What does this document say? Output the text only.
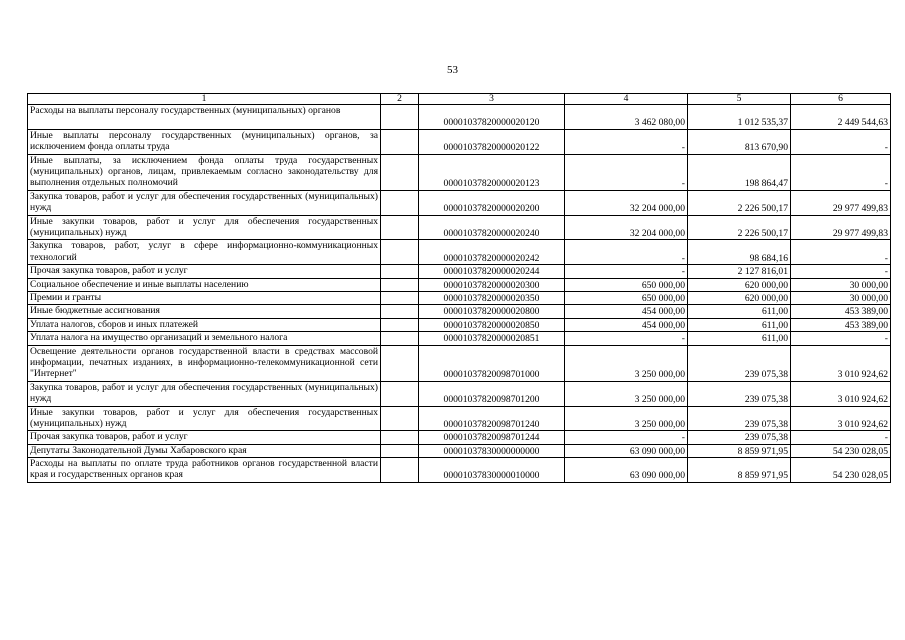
53
1	2	3	4	5	6
Расходы на выплаты персоналу государственных (муниципальных) органов		00001037820000020120	3 462 080,00	1 012 535,37	2 449 544,63
Иные выплаты персоналу государственных (муниципальных) органов, за исключением фонда оплаты труда		00001037820000020122	-	813 670,90	-
Иные выплаты, за исключением фонда оплаты труда государственных (муниципальных) органов, лицам, привлекаемым согласно законодательству для выполнения отдельных полномочий		00001037820000020123	-	198 864,47	-
Закупка товаров, работ и услуг для обеспечения государственных (муниципальных) нужд		00001037820000020200	32 204 000,00	2 226 500,17	29 977 499,83
Иные закупки товаров, работ и услуг для обеспечения государственных (муниципальных) нужд		00001037820000020240	32 204 000,00	2 226 500,17	29 977 499,83
Закупка товаров, работ, услуг в сфере информационно-коммуникационных технологий		00001037820000020242	-	98 684,16	-
Прочая закупка товаров, работ и услуг		00001037820000020244	-	2 127 816,01	-
Социальное обеспечение и иные выплаты населению		00001037820000020300	650 000,00	620 000,00	30 000,00
Премии и гранты		00001037820000020350	650 000,00	620 000,00	30 000,00
Иные бюджетные ассигнования		00001037820000020800	454 000,00	611,00	453 389,00
Уплата налогов, сборов и иных платежей		00001037820000020850	454 000,00	611,00	453 389,00
Уплата налога на имущество организаций и земельного налога		00001037820000020851	-	611,00	-
Освещение деятельности органов государственной власти в средствах массовой информации, печатных изданиях, в информационно-телекоммуникационной сети "Интернет"		00001037820098701000	3 250 000,00	239 075,38	3 010 924,62
Закупка товаров, работ и услуг для обеспечения государственных (муниципальных) нужд		00001037820098701200	3 250 000,00	239 075,38	3 010 924,62
Иные закупки товаров, работ и услуг для обеспечения государственных (муниципальных) нужд		00001037820098701240	3 250 000,00	239 075,38	3 010 924,62
Прочая закупка товаров, работ и услуг		00001037820098701244	-	239 075,38	-
Депутаты Законодательной Думы Хабаровского края		00001037830000000000	63 090 000,00	8 859 971,95	54 230 028,05
Расходы на выплаты по оплате труда работников органов государственной власти края и государственных органов края		00001037830000010000	63 090 000,00	8 859 971,95	54 230 028,05
